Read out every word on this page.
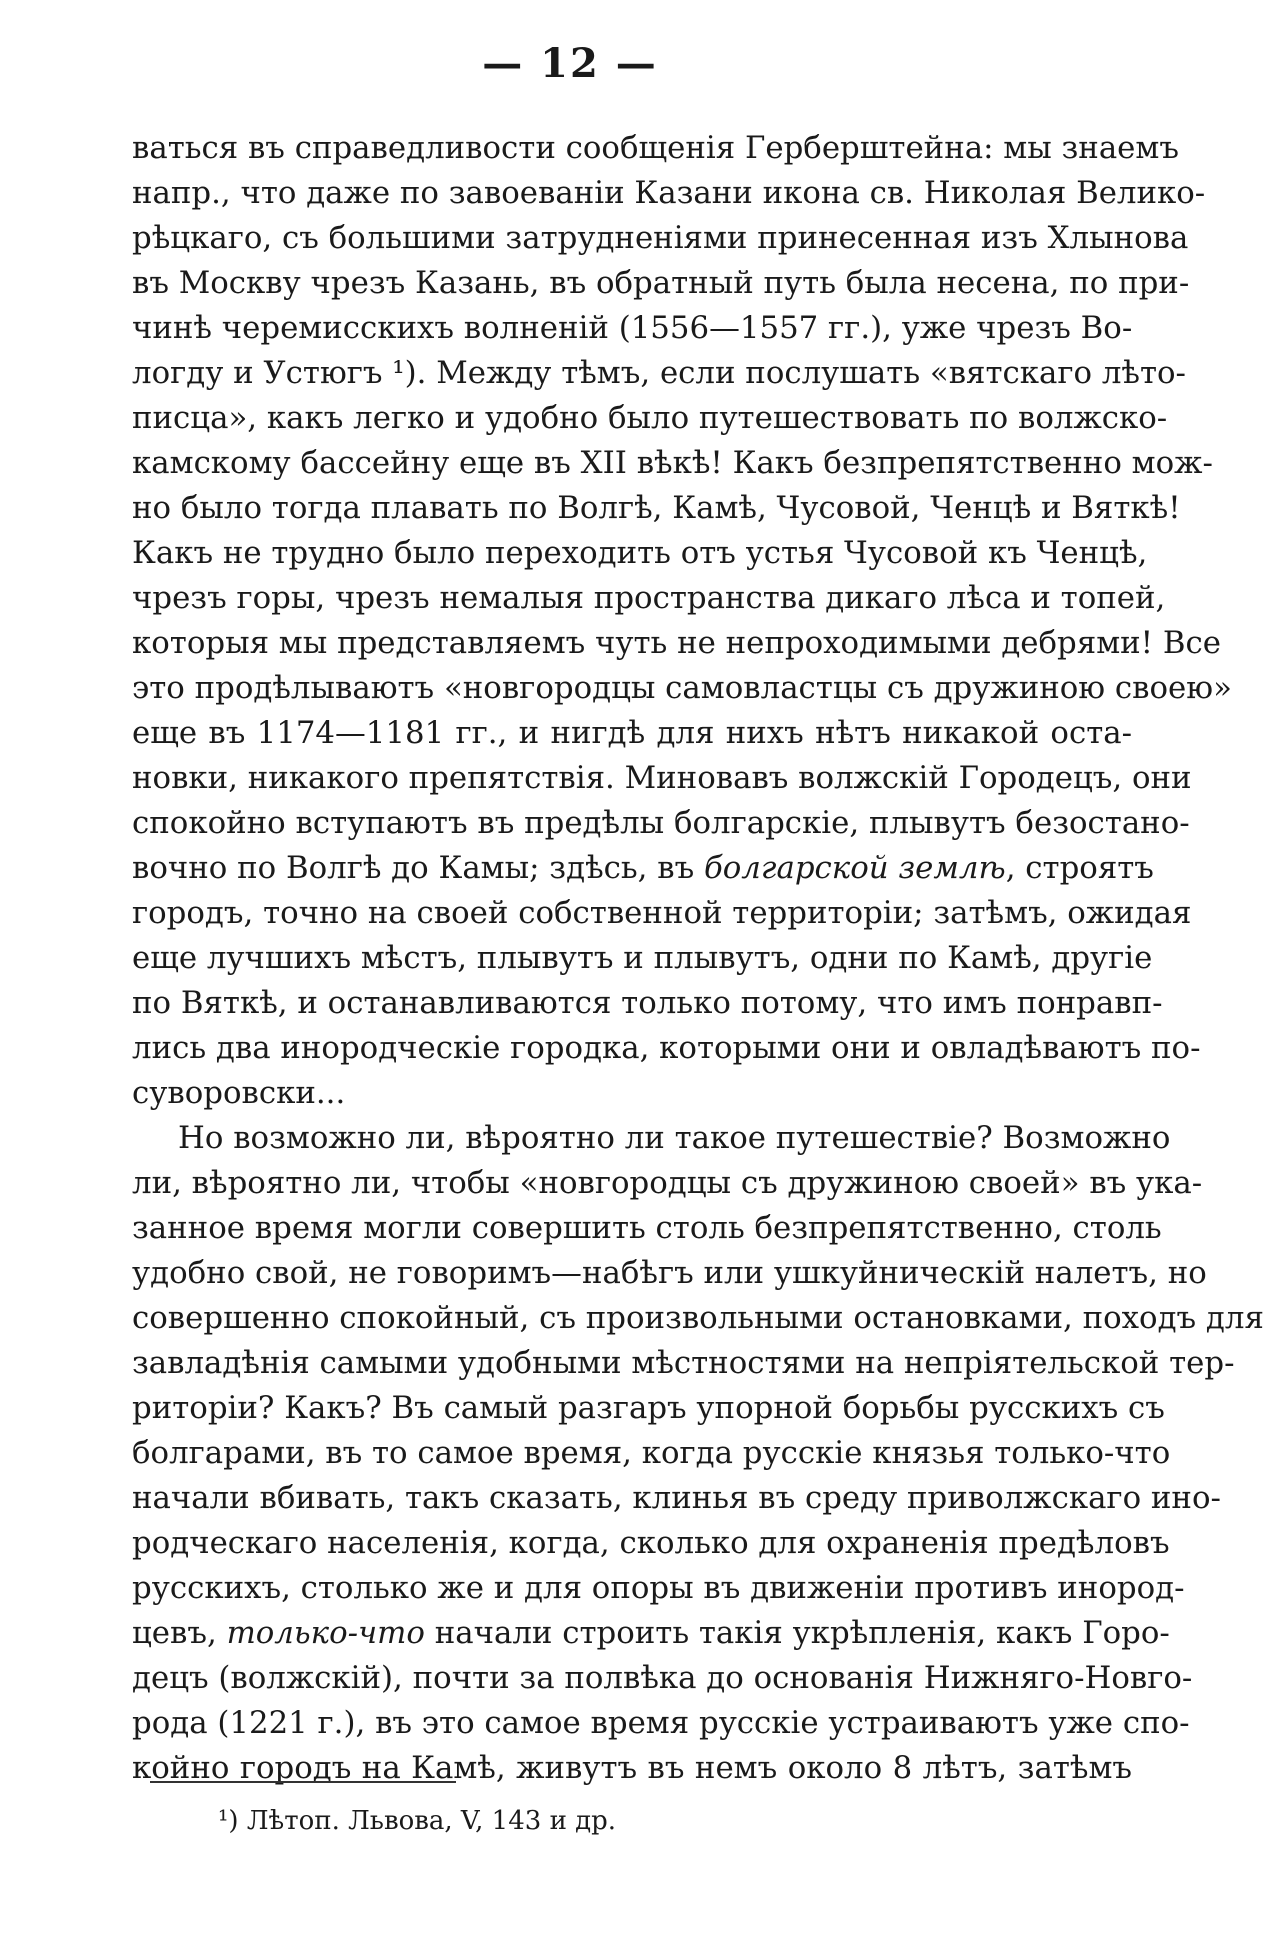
— 12 —
ваться въ справедливости сообщенія Герберштейна: мы знаемъ
напр., что даже по завоеваніи Казани икона св. Николая Велико-
рѣцкаго, съ большими затрудненіями принесенная изъ Хлынова
въ Москву чрезъ Казань, въ обратный путь была несена, по при-
чинѣ черемисскихъ волненій (1556—1557 гг.), уже чрезъ Во-
логду и Устюгъ ¹). Между тѣмъ, если послушать «вятскаго лѣто-
писца», какъ легко и удобно было путешествовать по волжско-
камскому бассейну еще въ XII вѣкѣ! Какъ безпрепятственно мож-
но было тогда плавать по Волгѣ, Камѣ, Чусовой, Ченцѣ и Вяткѣ!
Какъ не трудно было переходить отъ устья Чусовой къ Ченцѣ,
чрезъ горы, чрезъ немалыя пространства дикаго лѣса и топей,
которыя мы представляемъ чуть не непроходимыми дебрями! Все
это продѣлываютъ «новгородцы самовластцы съ дружиною своею»
еще въ 1174—1181 гг., и нигдѣ для нихъ нѣтъ никакой оста-
новки, никакого препятствія. Миновавъ волжскій Городецъ, они
спокойно вступаютъ въ предѣлы болгарскіе, плывутъ безостано-
вочно по Волгѣ до Камы; здѣсь, въ болгарской землѣ, строятъ
городъ, точно на своей собственной территоріи; затѣмъ, ожидая
еще лучшихъ мѣстъ, плывутъ и плывутъ, одни по Камѣ, другіе
по Вяткѣ, и останавливаются только потому, что имъ понравп-
лись два инородческіе городка, которыми они и овладѣваютъ по-
суворовски...
Но возможно ли, вѣроятно ли такое путешествіе? Возможно
ли, вѣроятно ли, чтобы «новгородцы съ дружиною своей» въ ука-
занное время могли совершить столь безпрепятственно, столь
удобно свой, не говоримъ—набѣгъ или ушкуйническій налетъ, но
совершенно спокойный, съ произвольными остановками, походъ для
завладѣнія самыми удобными мѣстностями на непріятельской тер-
риторіи? Какъ? Въ самый разгаръ упорной борьбы русскихъ съ
болгарами, въ то самое время, когда русскіе князья только-что
начали вбивать, такъ сказать, клинья въ среду приволжскаго ино-
родческаго населенія, когда, сколько для охраненія предѣловъ
русскихъ, столько же и для опоры въ движеніи противъ инород-
цевъ, только-что начали строить такія укрѣпленія, какъ Горо-
децъ (волжскій), почти за полвѣка до основанія Нижняго-Новго-
рода (1221 г.), въ это самое время русскіе устраиваютъ уже спо-
койно городъ на Камѣ, живутъ въ немъ около 8 лѣтъ, затѣмъ
¹) Лѣтоп. Львова, V, 143 и др.
